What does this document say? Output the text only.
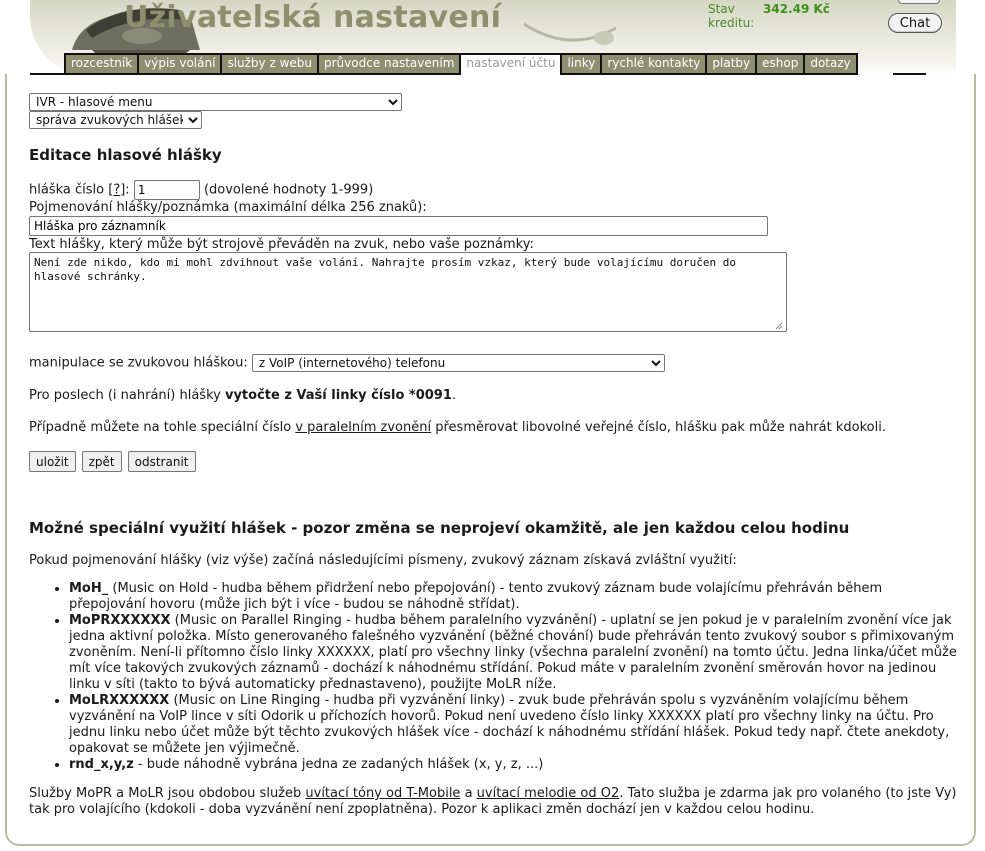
Uživatelská nastavení	Stav kreditu:
342.49 Kč
Chat
rozcestník	výpis volání	služby z webu	průvodce nastavením	nastavení účtu	linky	rychlé kontakty	platby	eshop	dotazy
IVR - hlasové menu
správa zvukových hlášek
Editace hlasové hlášky
hláška číslo [?]: 1	(dovolené hodnoty 1-999)
Pojmenování hlášky/poznámka (maximální délka 256 znaků):
Hláška pro záznamník
Text hlášky, který může být strojově převáděn na zvuk, nebo vaše poznámky:
Není zde nikdo, kdo mi mohl zdvihnout vaše volání. Nahrajte prosím vzkaz, který bude volajícímu doručen do hlasové schránky.
manipulace se zvukovou hláškou:
z VoIP (internetového) telefonu
Pro poslech (i nahrání) hlášky vytočte z Vaší linky číslo *0091.
Případně můžete na tohle speciální číslo v paralelním zvonění přesměrovat libovolné veřejné číslo, hlášku pak může nahrát kdokoli.
uložit	zpět	odstranit
Možné speciální využití hlášek - pozor změna se neprojeví okamžitě, ale jen každou celou hodinu
Pokud pojmenování hlášky (viz výše) začíná následujícími písmeny, zvukový záznam získavá zvláštní využití:
• MoH_ (Music on Hold - hudba během přidržení nebo přepojování) - tento zvukový záznam bude volajícímu přehráván během přepojování hovoru (může jich být i více - budou se náhodně střídat).
• MoPRXXXXXX (Music on Parallel Ringing - hudba během paralelního vyzvánění) - uplatní se jen pokud je v paralelním zvonění více jak jedna aktivní položka. Místo generovaného falešného vyzvánění (běžné chování) bude přehráván tento zvukový soubor s přimixovaným zvoněním. Není-li přítomno číslo linky XXXXXX, platí pro všechny linky (všechna paralelní zvonění) na tomto účtu. Jedna linka/účet může mít více takových zvukových záznamů - dochází k náhodnému střídání. Pokud máte v paralelním zvonění směrován hovor na jedinou linku v síti (takto to bývá automaticky přednastaveno), použijte MoLR níže.
• MoLRXXXXXX (Music on Line Ringing - hudba při vyzvánění linky) - zvuk bude přehráván spolu s vyzváněním volajícímu během vyzvánění na VoIP lince v síti Odorik u příchozích hovorů. Pokud není uvedeno číslo linky XXXXXX platí pro všechny linky na účtu. Pro jednu linku nebo účet může být těchto zvukových hlášek více - dochází k náhodnému střídání hlášek. Pokud tedy např. čtete anekdoty, opakovat se můžete jen výjimečně.
• rnd_x,y,z - bude náhodně vybrána jedna ze zadaných hlášek (x, y, z, ...)
Služby MoPR a MoLR jsou obdobou služeb uvítací tóny od T-Mobile a uvítací melodie od O2. Tato služba je zdarma jak pro volaného (to jste Vy) tak pro volajícího (kdokoli - doba vyzvánění není zpoplatněna). Pozor k aplikaci změn dochází jen v každou celou hodinu.
